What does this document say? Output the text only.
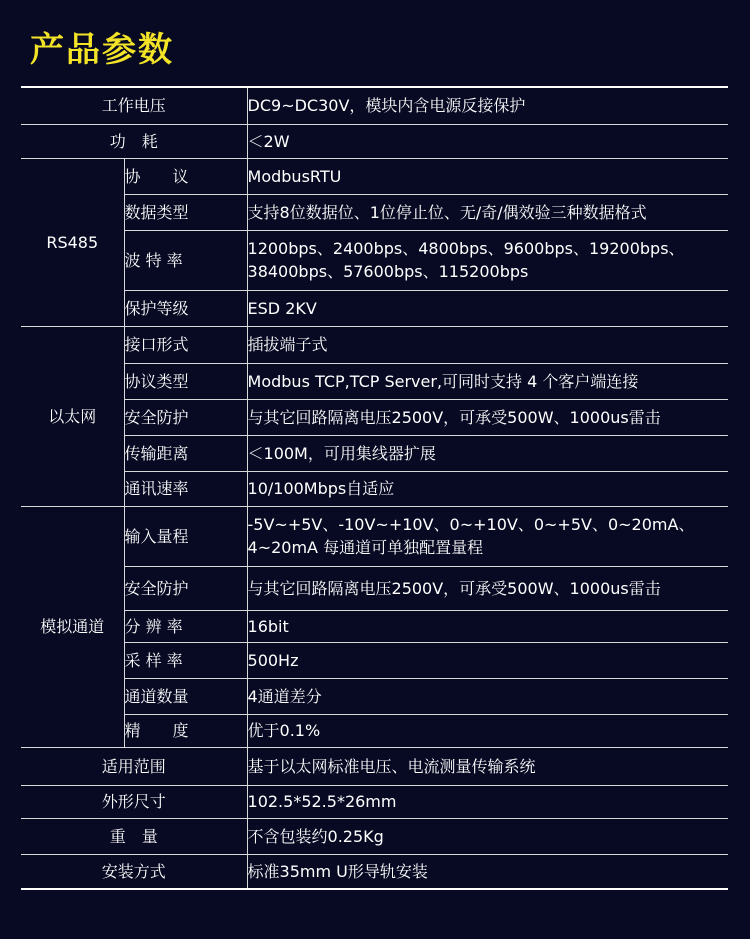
产品参数
工作电压		DC9~DC30V，模块内含电源反接保护
功　耗		＜2W
RS485	协　　议	ModbusRTU
	数据类型	支持8位数据位、1位停止位、无/奇/偶效验三种数据格式
	波 特 率	1200bps、2400bps、4800bps、9600bps、19200bps、
38400bps、57600bps、115200bps

	保护等级	ESD 2KV
以太网	接口形式	插拔端子式
	协议类型	Modbus TCP,TCP Server,可同时支持 4 个客户端连接
	安全防护	与其它回路隔离电压2500V，可承受500W、1000us雷击
	传输距离	＜100M，可用集线器扩展
	通讯速率	10/100Mbps自适应
模拟通道	输入量程	-5V~+5V、-10V~+10V、0~+10V、0~+5V、0~20mA、
4~20mA 每通道可单独配置量程

	安全防护	与其它回路隔离电压2500V，可承受500W、1000us雷击
	分 辨 率	16bit
	采 样 率	500Hz
	通道数量	4通道差分
	精　　度	优于0.1%
适用范围		基于以太网标准电压、电流测量传输系统
外形尺寸		102.5*52.5*26mm
重　量		不含包装约0.25Kg
安装方式		标准35mm U形导轨安装
